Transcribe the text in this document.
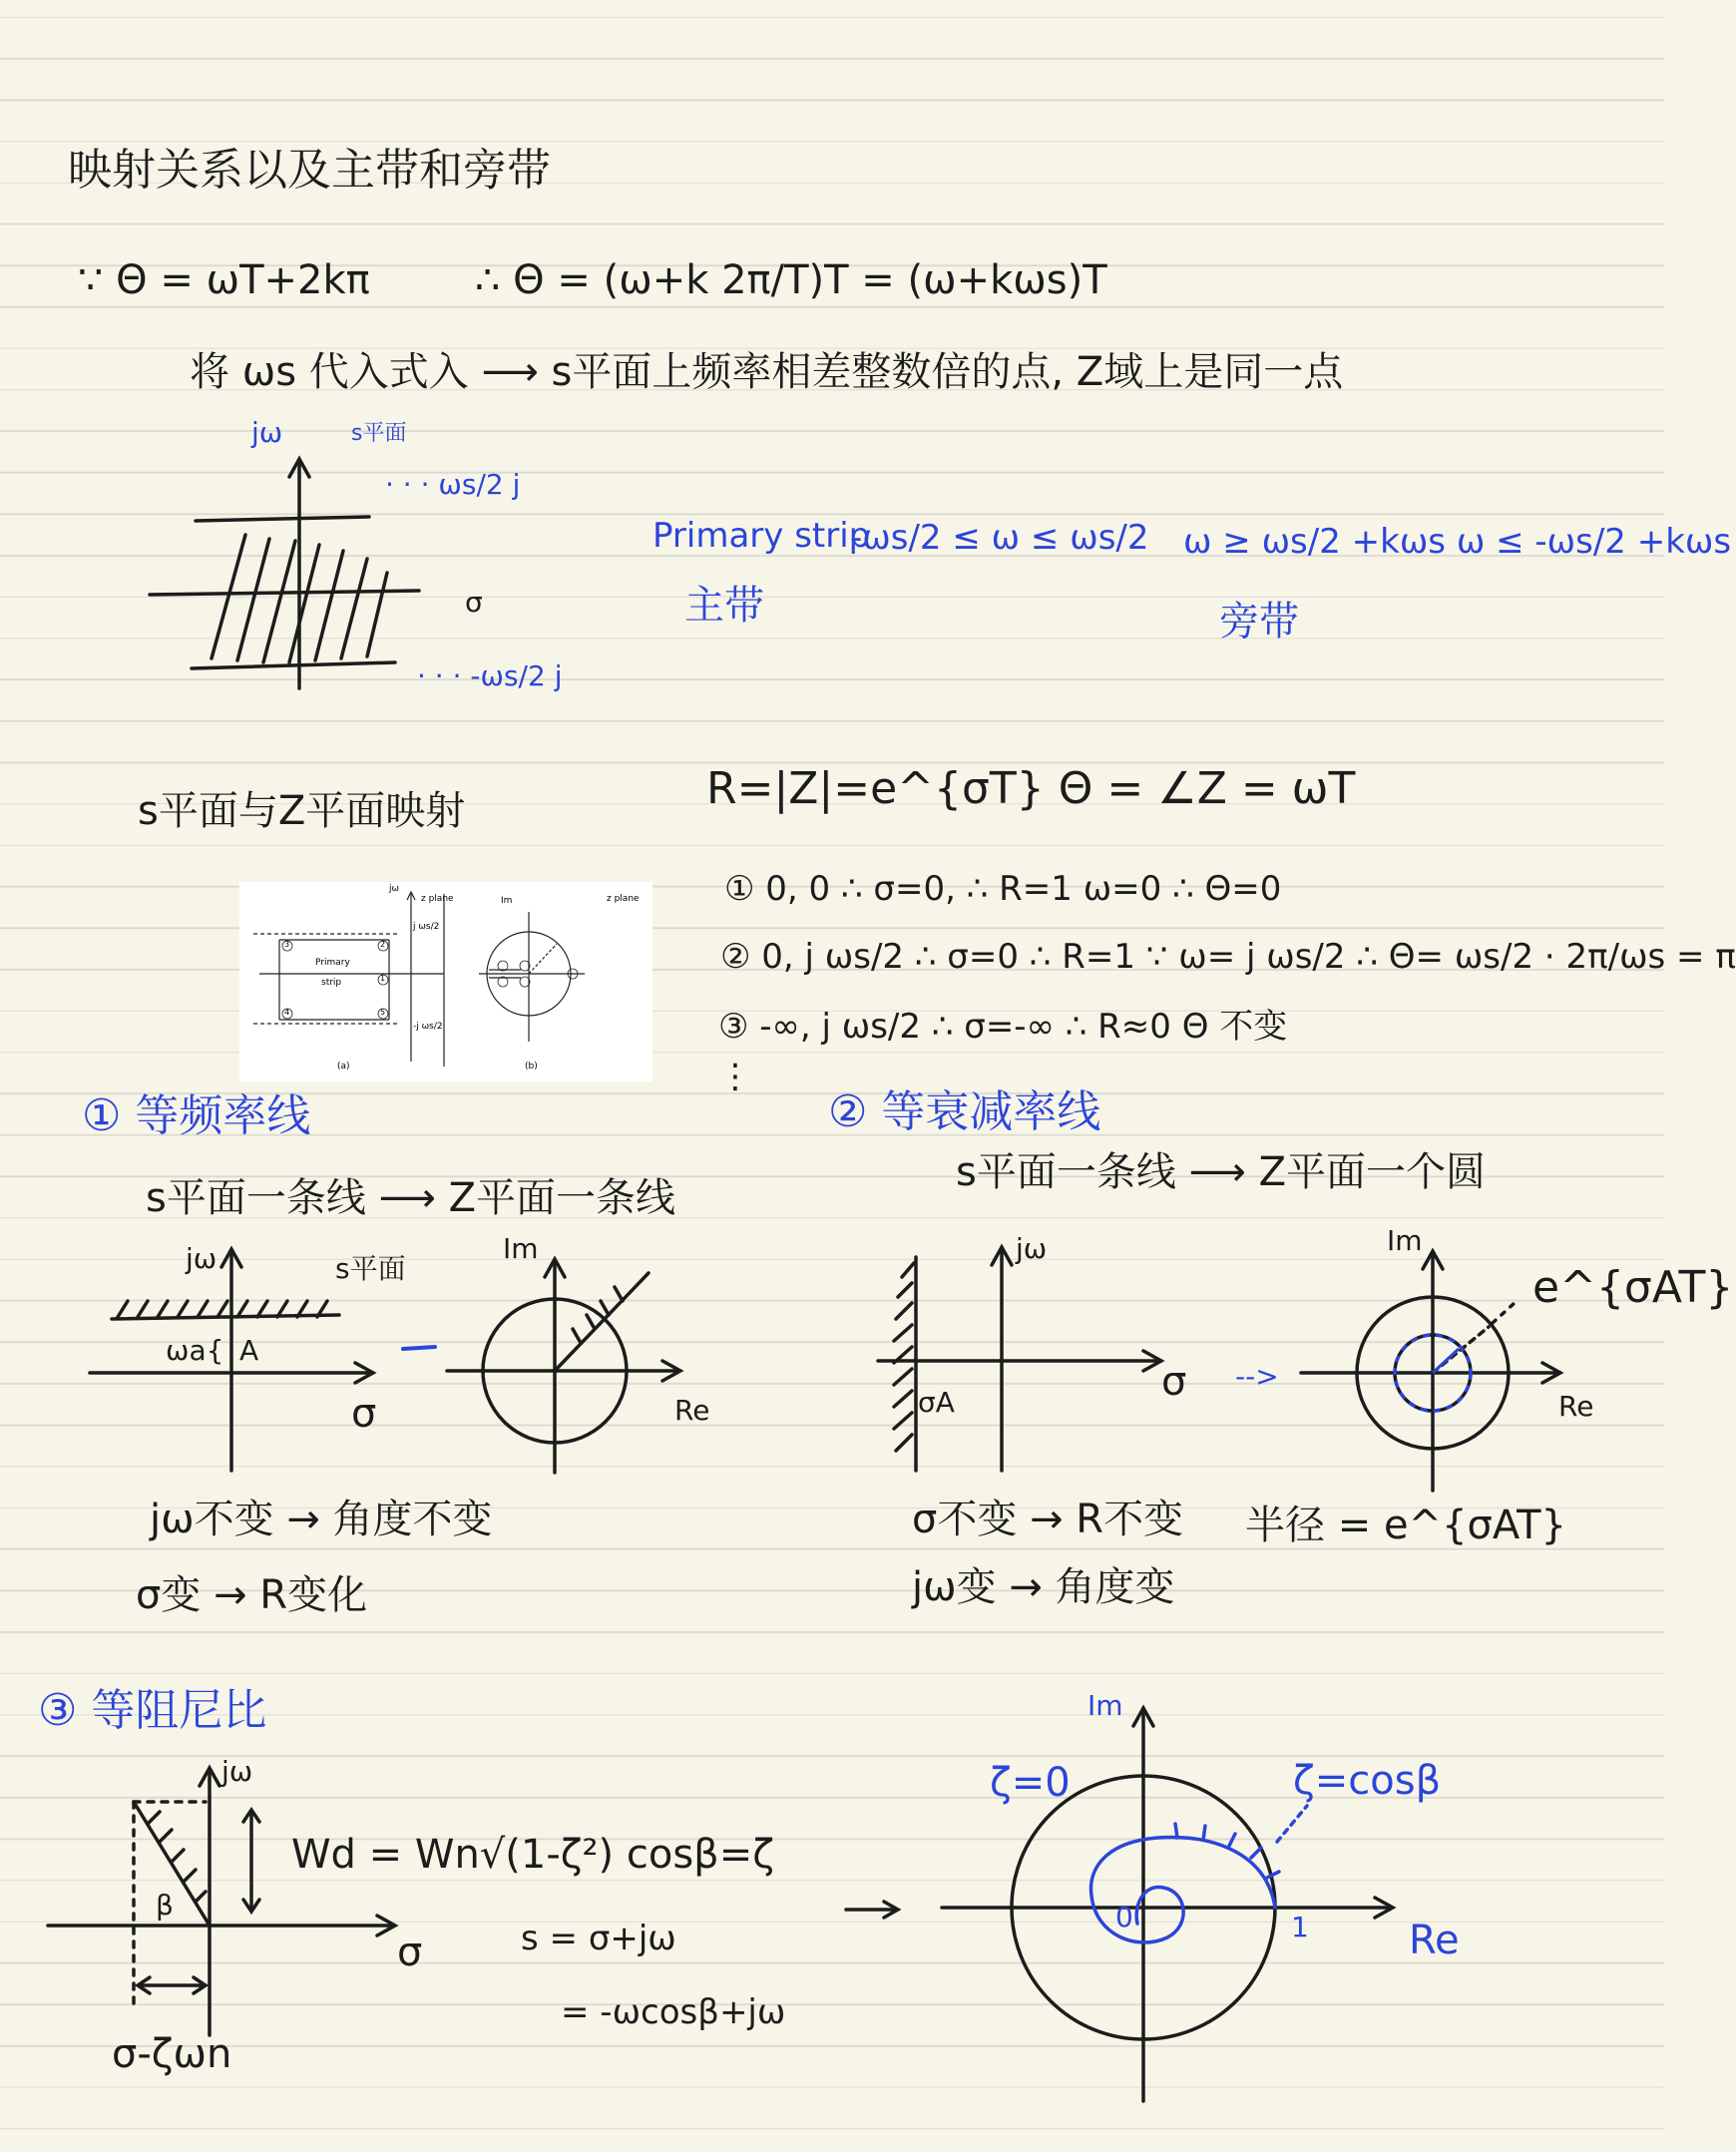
映射关系以及主带和旁带
∵ Θ = ωT+2kπ	∴ Θ = (ω+k 2π/T)T = (ω+kωs)T
将 ωs 代入式入 ⟶ s平面上频率相差整数倍的点, Z域上是同一点
jω	s平面
· · · ωs/2 j
σ
· · · -ωs/2 j
Primary strip
-ωs/2 ≤ ω ≤ ωs/2
主带
ω ≥ ωs/2 +kωs ω ≤ -ωs/2 +kωs
旁带
s平面与Z平面映射	R=|Z|=e^{σT} Θ = ∠Z = ωT
① 0, 0 ∴ σ=0, ∴ R=1 ω=0 ∴ Θ=0
② 0, j ωs/2 ∴ σ=0 ∴ R=1 ∵ ω= j ωs/2 ∴ Θ= ωs/2 · 2π/ωs = π
③ -∞, j ωs/2 ∴ σ=-∞ ∴ R≈0 Θ 不变
⋮
jω
z plane
j ωs/2
-j ωs/2
Primary
strip
(a)
Im	z plane
(b)
3	2
4	5
1
① 等频率线
s平面一条线 ⟶ Z平面一条线
jω	s平面
ωa{ A
σ
Im
Re
jω不变 → 角度不变
σ变 → R变化
② 等衰减率线
s平面一条线 ⟶ Z平面一个圆
jω
σA	σ -->
Im
Re
e^{σAT}
σ不变 → R不变
jω变 → 角度变
半径 = e^{σAT}
③ 等阻尼比
jω
β
σ
σ-ζωn
Wd = Wn√(1-ζ²) cosβ=ζ
s = σ+jω
= -ωcosβ+jω
Im
ζ=0	ζ=cosβ
1
0
Re
